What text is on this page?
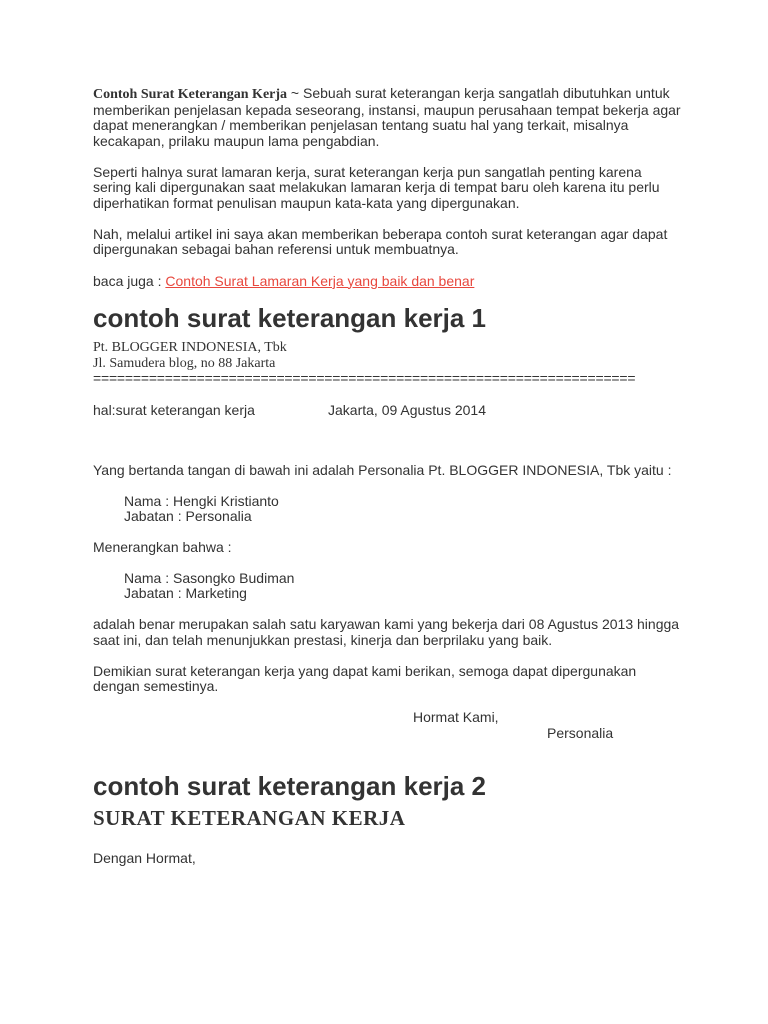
Contoh Surat Keterangan Kerja ~ Sebuah surat keterangan kerja sangatlah dibutuhkan untuk memberikan penjelasan kepada seseorang, instansi, maupun perusahaan tempat bekerja agar dapat menerangkan / memberikan penjelasan tentang suatu hal yang terkait, misalnya kecakapan, prilaku maupun lama pengabdian.

Seperti halnya surat lamaran kerja, surat keterangan kerja pun sangatlah penting karena sering kali dipergunakan saat melakukan lamaran kerja di tempat baru oleh karena itu perlu diperhatikan format penulisan maupun kata-kata yang dipergunakan.

Nah, melalui artikel ini saya akan memberikan beberapa contoh surat keterangan agar dapat dipergunakan sebagai bahan referensi untuk membuatnya.

baca juga : Contoh Surat Lamaran Kerja yang baik dan benar

contoh surat keterangan kerja 1

Pt. BLOGGER INDONESIA, Tbk

Jl. Samudera blog, no 88 Jakarta

====================================================================

hal:surat keterangan kerja	Jakarta, 09 Agustus 2014

Yang bertanda tangan di bawah ini adalah Personalia Pt. BLOGGER INDONESIA, Tbk yaitu :

Nama : Hengki Kristianto

Jabatan : Personalia

Menerangkan bahwa :

Nama : Sasongko Budiman

Jabatan : Marketing

adalah benar merupakan salah satu karyawan kami yang bekerja dari 08 Agustus 2013 hingga saat ini, dan telah menunjukkan prestasi, kinerja dan berprilaku yang baik.

Demikian surat keterangan kerja yang dapat kami berikan, semoga dapat dipergunakan dengan semestinya.

Hormat Kami,

Personalia

contoh surat keterangan kerja 2

SURAT KETERANGAN KERJA

Dengan Hormat,
